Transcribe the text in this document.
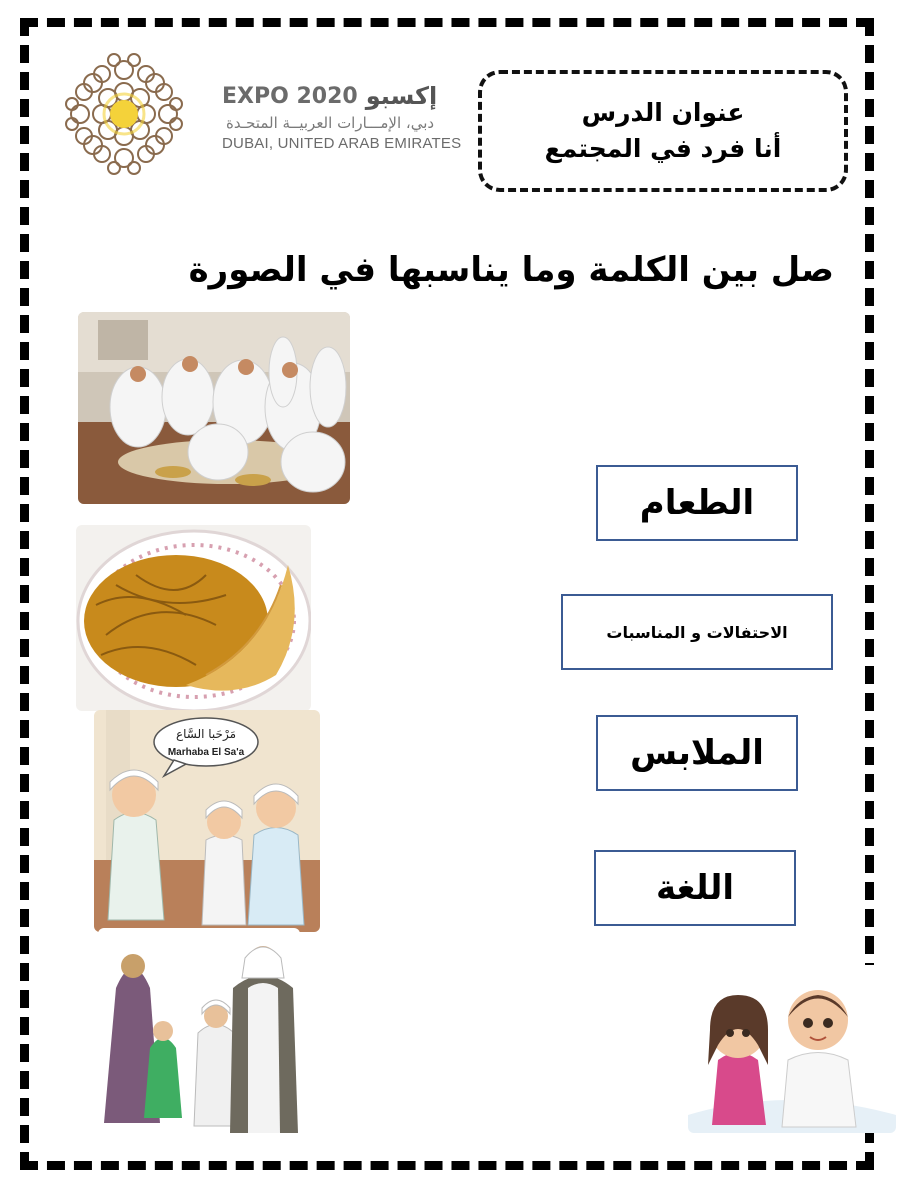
EXPO 2020 إكسبو
دبي، الإمـــارات العربيــة المتحـدة
DUBAI, UNITED ARAB EMIRATES
عنوان الدرس
أنا فرد في المجتمع
صل بين الكلمة وما يناسبها في الصورة
مَرْحَبا السَّاع
Marhaba El Sa'a
الطعام
الاحتفالات و المناسبات
الملابس
اللغة
